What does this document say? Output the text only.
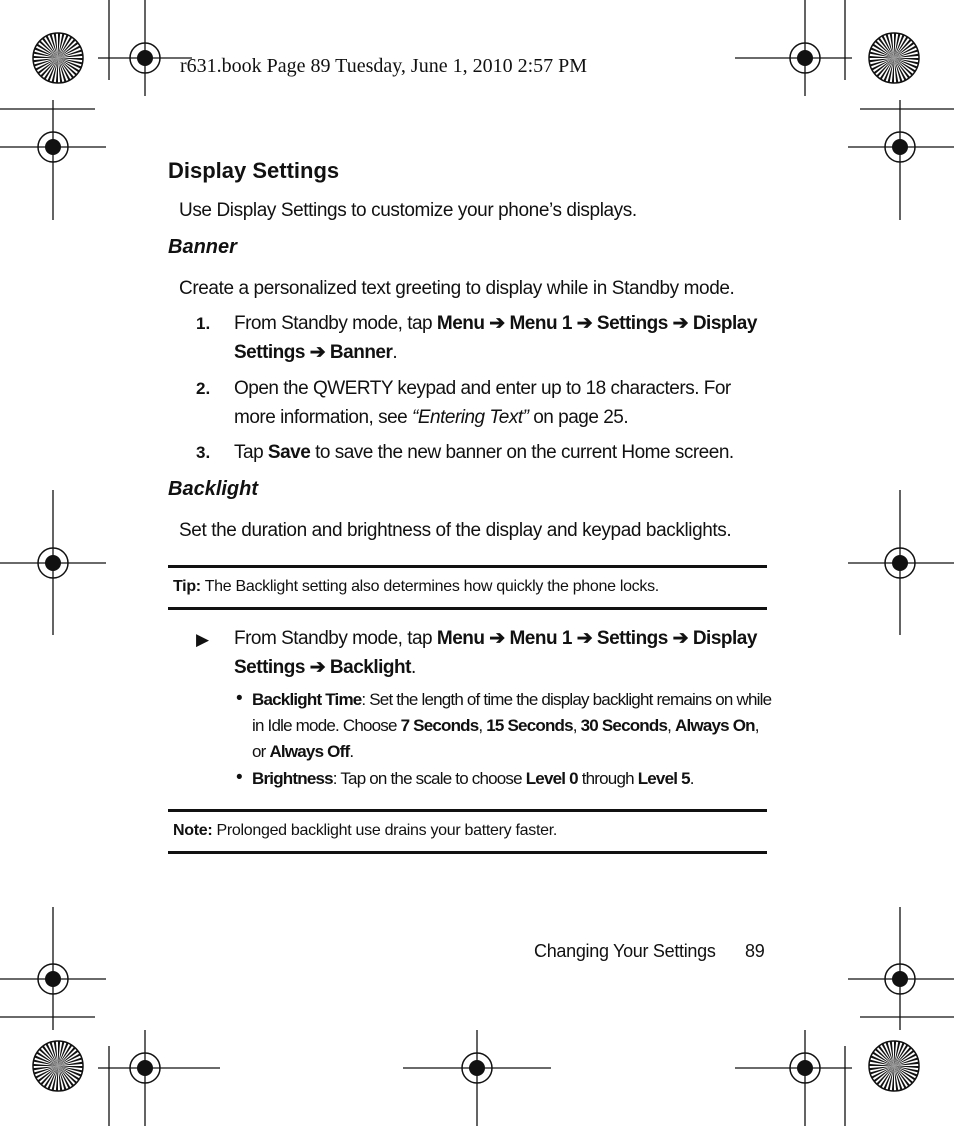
r631.book Page 89 Tuesday, June 1, 2010 2:57 PM
Display Settings
Use Display Settings to customize your phone’s displays.
Banner
Create a personalized text greeting to display while in Standby mode.
1. From Standby mode, tap Menu ➔ Menu 1 ➔ Settings ➔ Display Settings ➔ Banner.
2. Open the QWERTY keypad and enter up to 18 characters. For more information, see “Entering Text” on page 25.
3. Tap Save to save the new banner on the current Home screen.
Backlight
Set the duration and brightness of the display and keypad backlights.
Tip: The Backlight setting also determines how quickly the phone locks.
▶ From Standby mode, tap Menu ➔ Menu 1 ➔ Settings ➔ Display Settings ➔ Backlight.
• Backlight Time: Set the length of time the display backlight remains on while in Idle mode. Choose 7 Seconds, 15 Seconds, 30 Seconds, Always On, or Always Off.
• Brightness: Tap on the scale to choose Level 0 through Level 5.
Note: Prolonged backlight use drains your battery faster.
Changing Your Settings 89
